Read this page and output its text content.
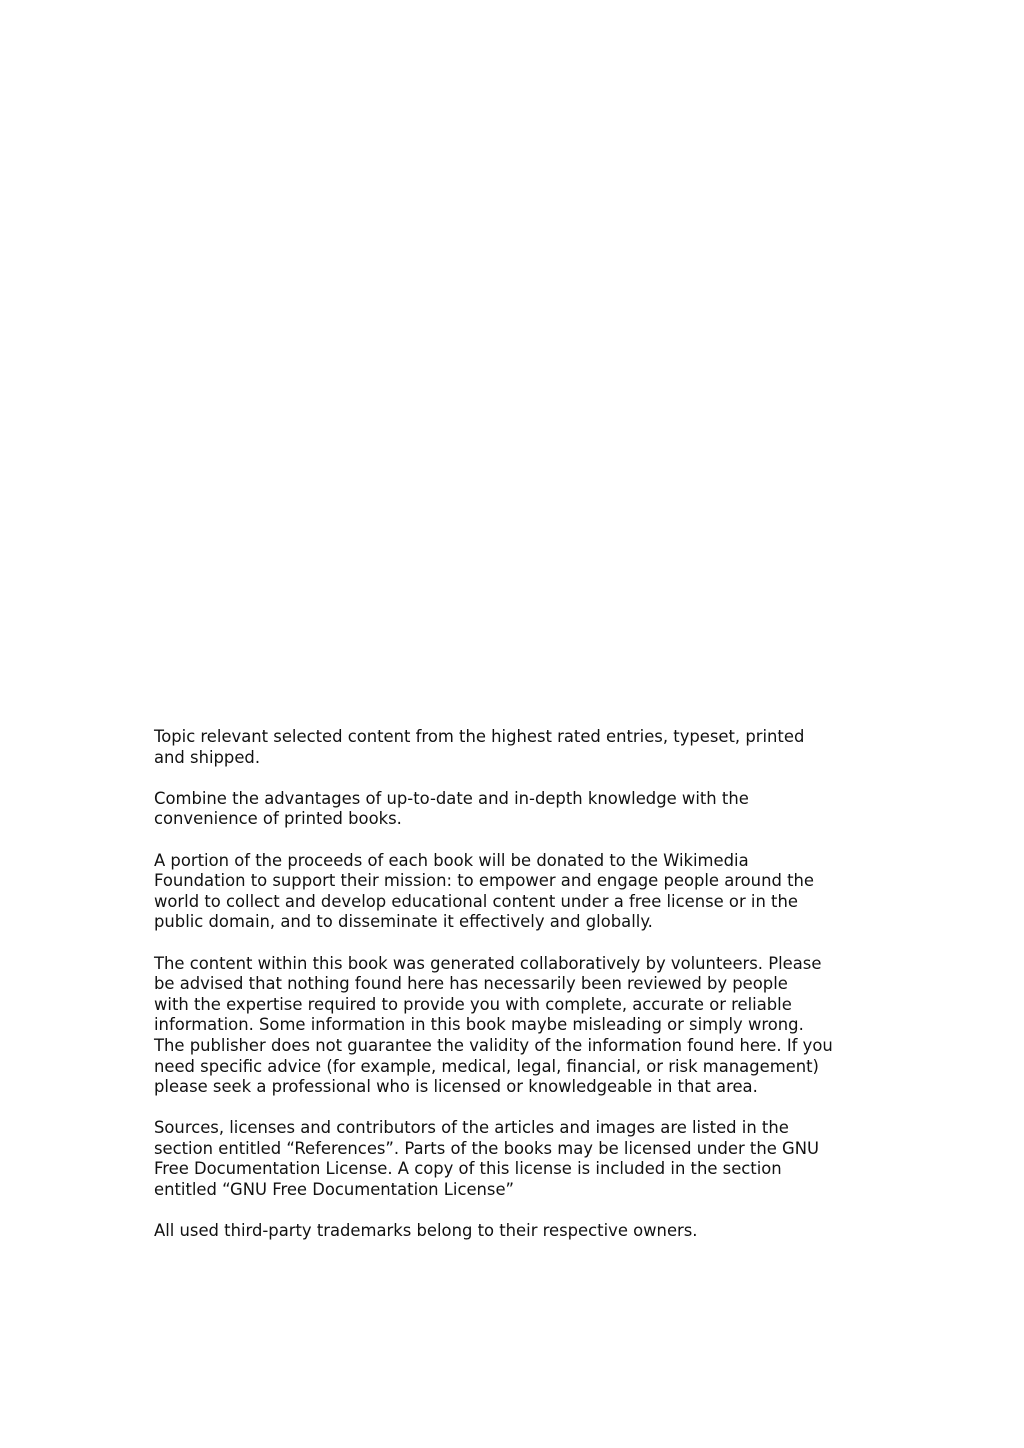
Topic relevant selected content from the highest rated entries, typeset, printed
and shipped.

Combine the advantages of up-to-date and in-depth knowledge with the
convenience of printed books.

A portion of the proceeds of each book will be donated to the Wikimedia
Foundation to support their mission: to empower and engage people around the
world to collect and develop educational content under a free license or in the
public domain, and to disseminate it effectively and globally.

The content within this book was generated collaboratively by volunteers. Please
be advised that nothing found here has necessarily been reviewed by people
with the expertise required to provide you with complete, accurate or reliable
information. Some information in this book maybe misleading or simply wrong.
The publisher does not guarantee the validity of the information found here. If you
need specific advice (for example, medical, legal, financial, or risk management)
please seek a professional who is licensed or knowledgeable in that area.

Sources, licenses and contributors of the articles and images are listed in the
section entitled “References”. Parts of the books may be licensed under the GNU
Free Documentation License. A copy of this license is included in the section
entitled “GNU Free Documentation License”

All used third-party trademarks belong to their respective owners.
